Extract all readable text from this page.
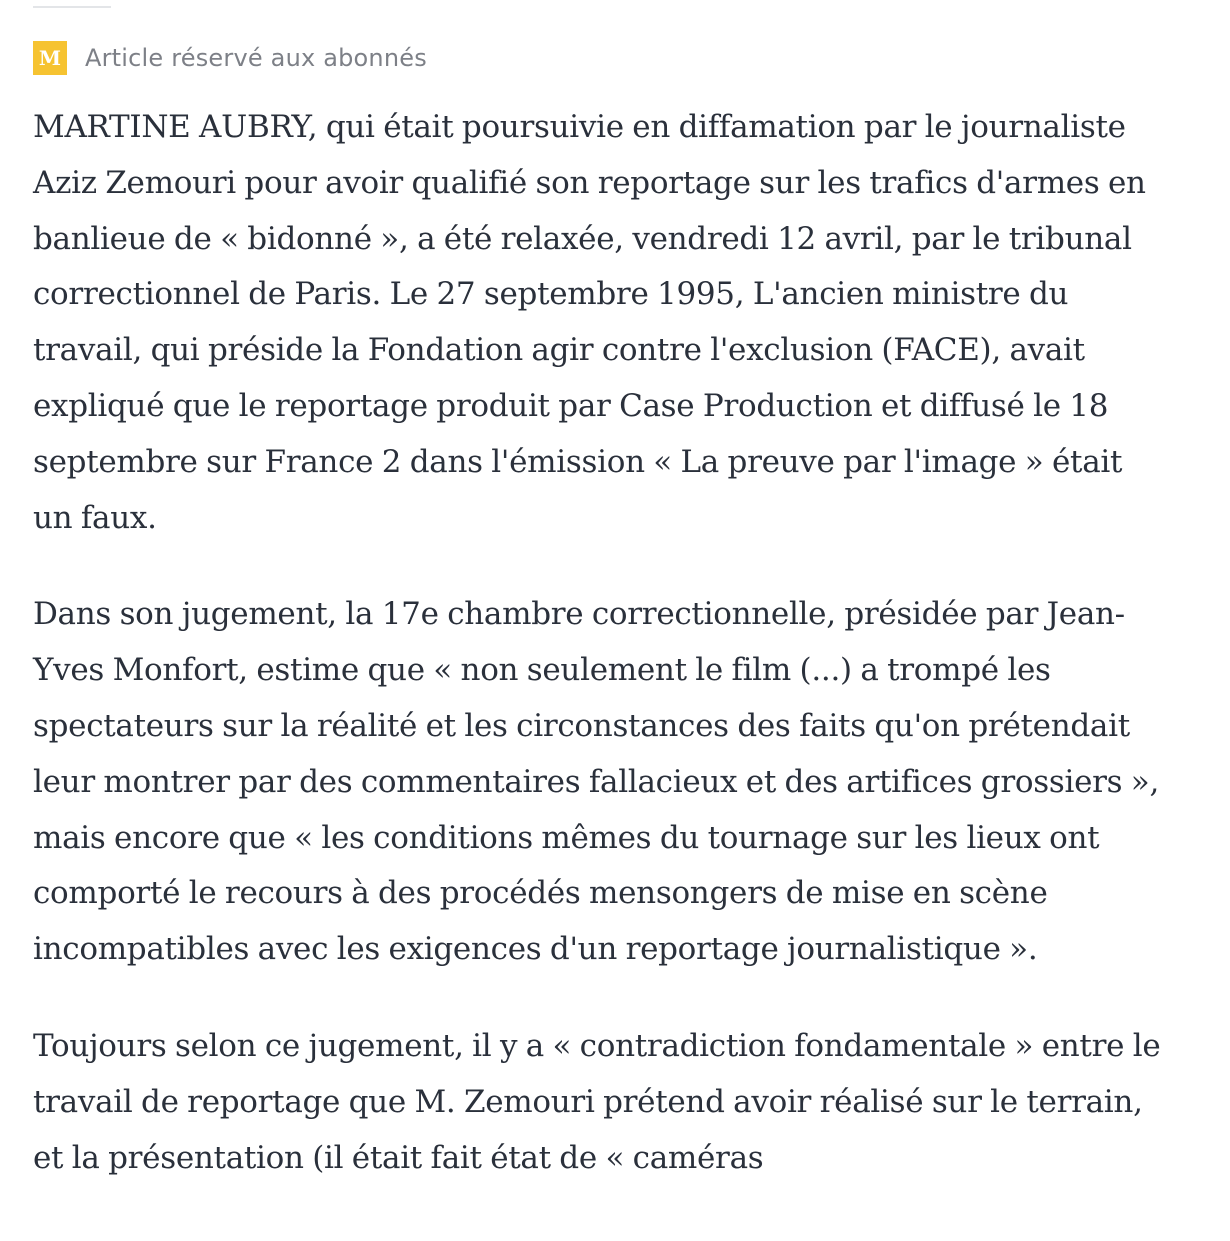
M Article réservé aux abonnés

MARTINE AUBRY, qui était poursuivie en diffamation par le journaliste Aziz Zemouri pour avoir qualifié son reportage sur les trafics d'armes en banlieue de « bidonné », a été relaxée, vendredi 12 avril, par le tribunal correctionnel de Paris. Le 27 septembre 1995, L'ancien ministre du travail, qui préside la Fondation agir contre l'exclusion (FACE), avait expliqué que le reportage produit par Case Production et diffusé le 18 septembre sur France 2 dans l'émission « La preuve par l'image » était un faux.

Dans son jugement, la 17e chambre correctionnelle, présidée par Jean-Yves Monfort, estime que « non seulement le film (...) a trompé les spectateurs sur la réalité et les circonstances des faits qu'on prétendait leur montrer par des commentaires fallacieux et des artifices grossiers », mais encore que « les conditions mêmes du tournage sur les lieux ont comporté le recours à des procédés mensongers de mise en scène incompatibles avec les exigences d'un reportage journalistique ».

Toujours selon ce jugement, il y a « contradiction fondamentale » entre le travail de reportage que M. Zemouri prétend avoir réalisé sur le terrain, et la présentation (il était fait état de « caméras
